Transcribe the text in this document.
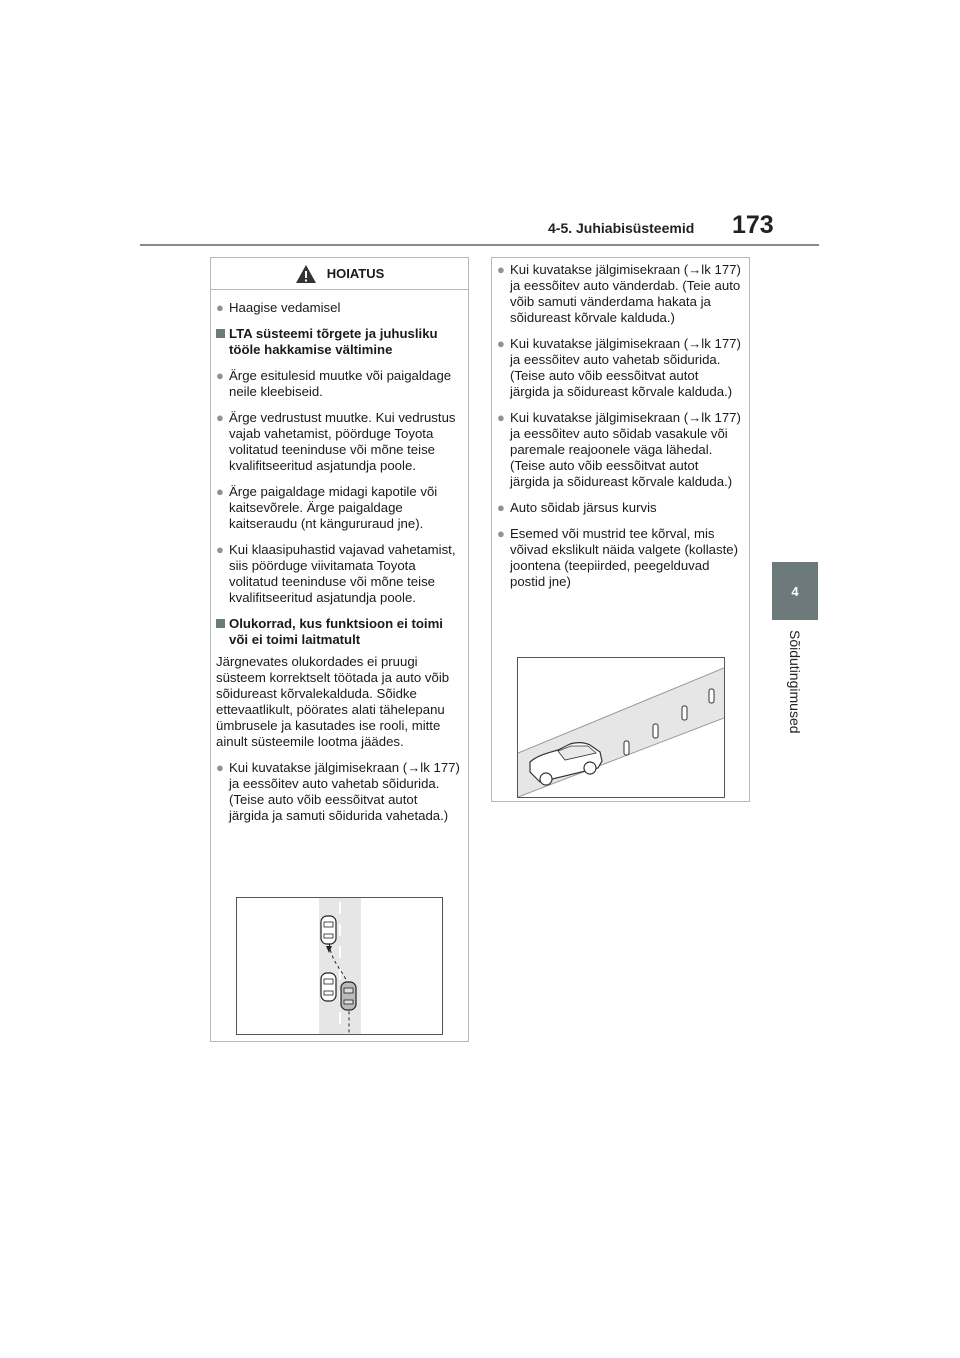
4-5. Juhiabisüsteemid 173
4
Sõidutingimused
HOIATUS
● Haagise vedamisel
LTA süsteemi tõrgete ja juhusliku tööle hakkamise vältimine
● Ärge esitulesid muutke või paigaldage neile kleebiseid.
● Ärge vedrustust muutke. Kui vedrustus vajab vahetamist, pöörduge Toyota volitatud teeninduse või mõne teise kvalifitseeritud asjatundja poole.
● Ärge paigaldage midagi kapotile või kaitsevõrele. Ärge paigaldage kaitseraudu (nt kängururaud jne).
● Kui klaasipuhastid vajavad vahetamist, siis pöörduge viivitamata Toyota volitatud teeninduse või mõne teise kvalifitseeritud asjatundja poole.
Olukorrad, kus funktsioon ei toimi või ei toimi laitmatult
Järgnevates olukordades ei pruugi süsteem korrektselt töötada ja auto võib sõidureast kõrvalekalduda. Sõidke ettevaatlikult, pöörates alati tähelepanu ümbrusele ja kasutades ise rooli, mitte ainult süsteemile lootma jäädes.
● Kui kuvatakse jälgimisekraan (→lk 177) ja eessõitev auto vahetab sõidurida. (Teise auto võib eessõitvat autot järgida ja samuti sõidurida vahetada.)
● Kui kuvatakse jälgimisekraan (→lk 177) ja eessõitev auto vänderdab. (Teie auto võib samuti vänderdama hakata ja sõidureast kõrvale kalduda.)
● Kui kuvatakse jälgimisekraan (→lk 177) ja eessõitev auto vahetab sõidurida. (Teise auto võib eessõitvat autot järgida ja sõidureast kõrvale kalduda.)
● Kui kuvatakse jälgimisekraan (→lk 177) ja eessõitev auto sõidab vasakule või paremale reajoonele väga lähedal. (Teise auto võib eessõitvat autot järgida ja sõidureast kõrvale kalduda.)
● Auto sõidab järsus kurvis
● Esemed või mustrid tee kõrval, mis võivad ekslikult näida valgete (kollaste) joontena (teepiirded, peegelduvad postid jne)
